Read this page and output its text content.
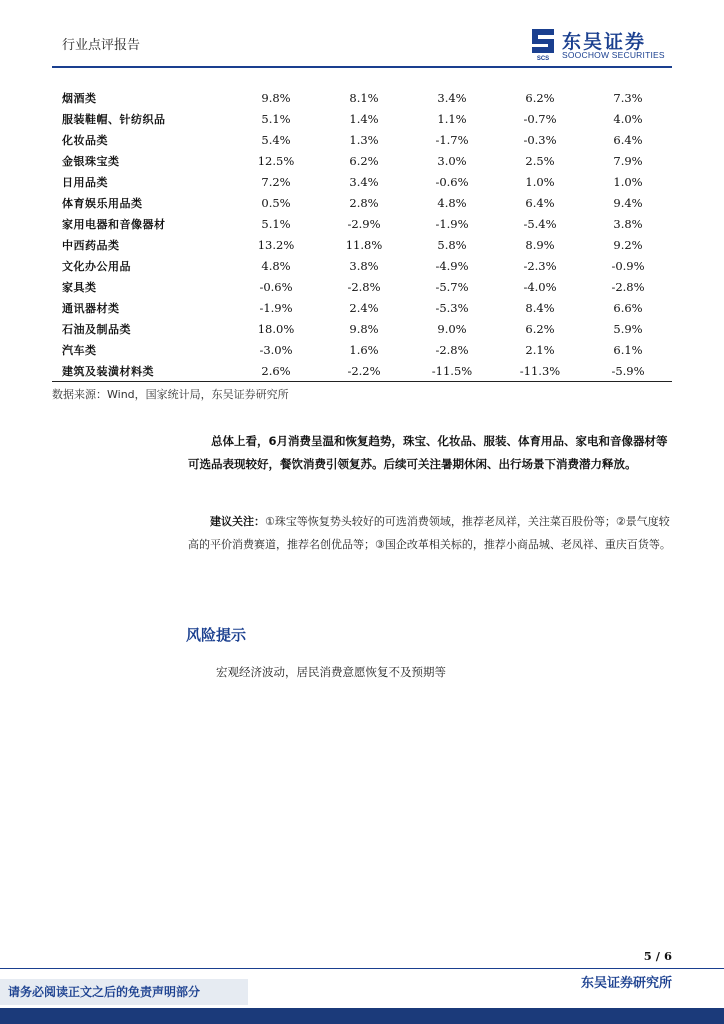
行业点评报告
SCS
东吴证券
SOOCHOW SECURITIES
烟酒类	9.8%	8.1%	3.4%	6.2%	7.3%
服装鞋帽、针纺织品	5.1%	1.4%	1.1%	-0.7%	4.0%
化妆品类	5.4%	1.3%	-1.7%	-0.3%	6.4%
金银珠宝类	12.5%	6.2%	3.0%	2.5%	7.9%
日用品类	7.2%	3.4%	-0.6%	1.0%	1.0%
体育娱乐用品类	0.5%	2.8%	4.8%	6.4%	9.4%
家用电器和音像器材	5.1%	-2.9%	-1.9%	-5.4%	3.8%
中西药品类	13.2%	11.8%	5.8%	8.9%	9.2%
文化办公用品	4.8%	3.8%	-4.9%	-2.3%	-0.9%
家具类	-0.6%	-2.8%	-5.7%	-4.0%	-2.8%
通讯器材类	-1.9%	2.4%	-5.3%	8.4%	6.6%
石油及制品类	18.0%	9.8%	9.0%	6.2%	5.9%
汽车类	-3.0%	1.6%	-2.8%	2.1%	6.1%
建筑及装潢材料类	2.6%	-2.2%	-11.5%	-11.3%	-5.9%
数据来源：Wind，国家统计局，东吴证券研究所
总体上看，6月消费呈温和恢复趋势，珠宝、化妆品、服装、体育用品、家电和音像器材等可选品表现较好，餐饮消费引领复苏。后续可关注暑期休闲、出行场景下消费潜力释放。
建议关注：①珠宝等恢复势头较好的可选消费领域，推荐老凤祥，关注菜百股份等；②景气度较高的平价消费赛道，推荐名创优品等；③国企改革相关标的，推荐小商品城、老凤祥、重庆百货等。
风险提示
宏观经济波动，居民消费意愿恢复不及预期等
5 / 6
请务必阅读正文之后的免责声明部分
东吴证券研究所
